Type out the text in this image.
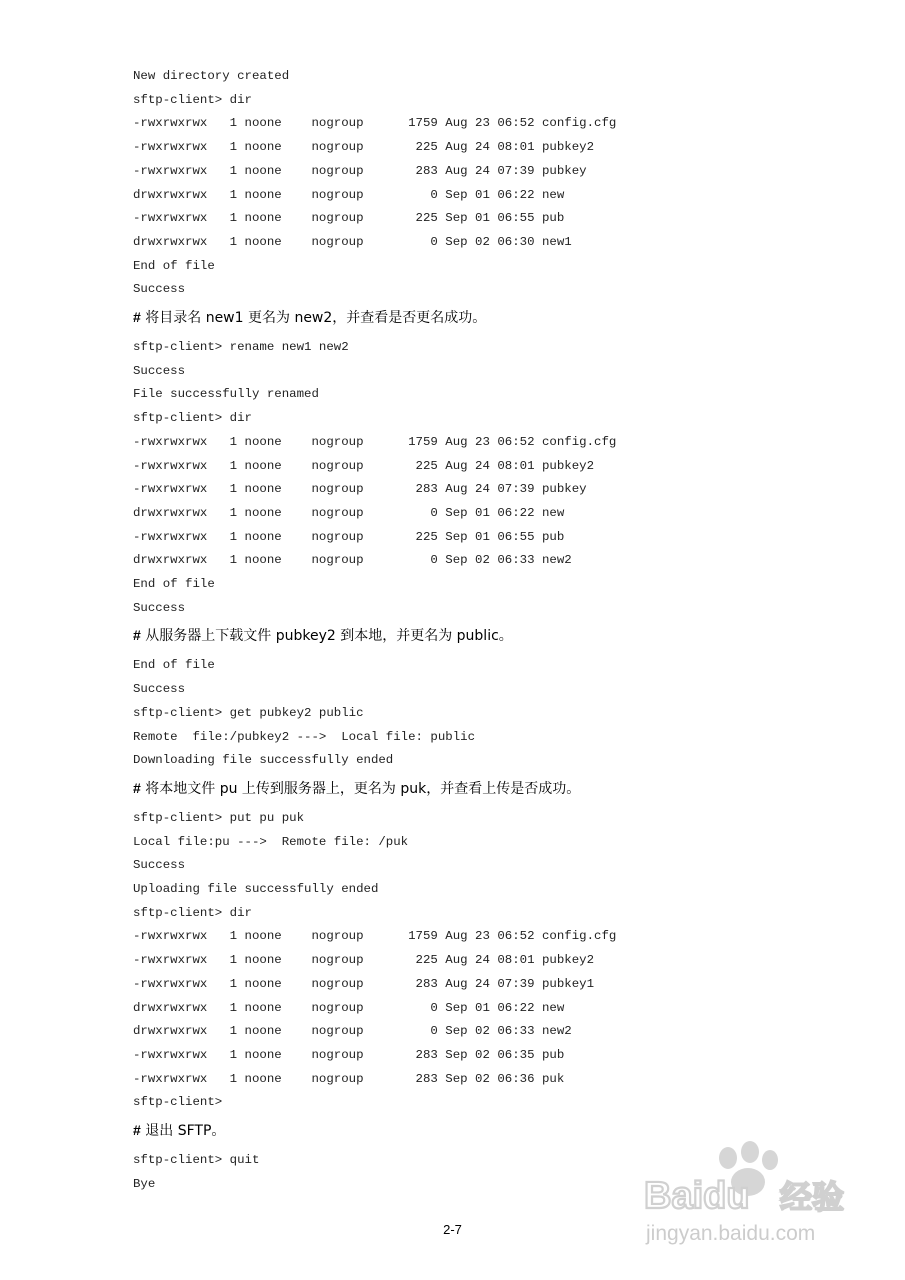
New directory created
sftp-client> dir
-rwxrwxrwx   1 noone    nogroup      1759 Aug 23 06:52 config.cfg
-rwxrwxrwx   1 noone    nogroup       225 Aug 24 08:01 pubkey2
-rwxrwxrwx   1 noone    nogroup       283 Aug 24 07:39 pubkey
drwxrwxrwx   1 noone    nogroup         0 Sep 01 06:22 new
-rwxrwxrwx   1 noone    nogroup       225 Sep 01 06:55 pub
drwxrwxrwx   1 noone    nogroup         0 Sep 02 06:30 new1
End of file
Success
# 将目录名 new1 更名为 new2，并查看是否更名成功。
sftp-client> rename new1 new2
Success
File successfully renamed
sftp-client> dir
-rwxrwxrwx   1 noone    nogroup      1759 Aug 23 06:52 config.cfg
-rwxrwxrwx   1 noone    nogroup       225 Aug 24 08:01 pubkey2
-rwxrwxrwx   1 noone    nogroup       283 Aug 24 07:39 pubkey
drwxrwxrwx   1 noone    nogroup         0 Sep 01 06:22 new
-rwxrwxrwx   1 noone    nogroup       225 Sep 01 06:55 pub
drwxrwxrwx   1 noone    nogroup         0 Sep 02 06:33 new2
End of file
Success
# 从服务器上下载文件 pubkey2 到本地，并更名为 public。
End of file
Success
sftp-client> get pubkey2 public
Remote  file:/pubkey2 --->  Local file: public
Downloading file successfully ended
# 将本地文件 pu 上传到服务器上，更名为 puk，并查看上传是否成功。
sftp-client> put pu puk
Local file:pu --->  Remote file: /puk
Success
Uploading file successfully ended
sftp-client> dir
-rwxrwxrwx   1 noone    nogroup      1759 Aug 23 06:52 config.cfg
-rwxrwxrwx   1 noone    nogroup       225 Aug 24 08:01 pubkey2
-rwxrwxrwx   1 noone    nogroup       283 Aug 24 07:39 pubkey1
drwxrwxrwx   1 noone    nogroup         0 Sep 01 06:22 new
drwxrwxrwx   1 noone    nogroup         0 Sep 02 06:33 new2
-rwxrwxrwx   1 noone    nogroup       283 Sep 02 06:35 pub
-rwxrwxrwx   1 noone    nogroup       283 Sep 02 06:36 puk
sftp-client>
# 退出 SFTP。
sftp-client> quit
Bye
2-7
Baidu 经验
jingyan.baidu.com
